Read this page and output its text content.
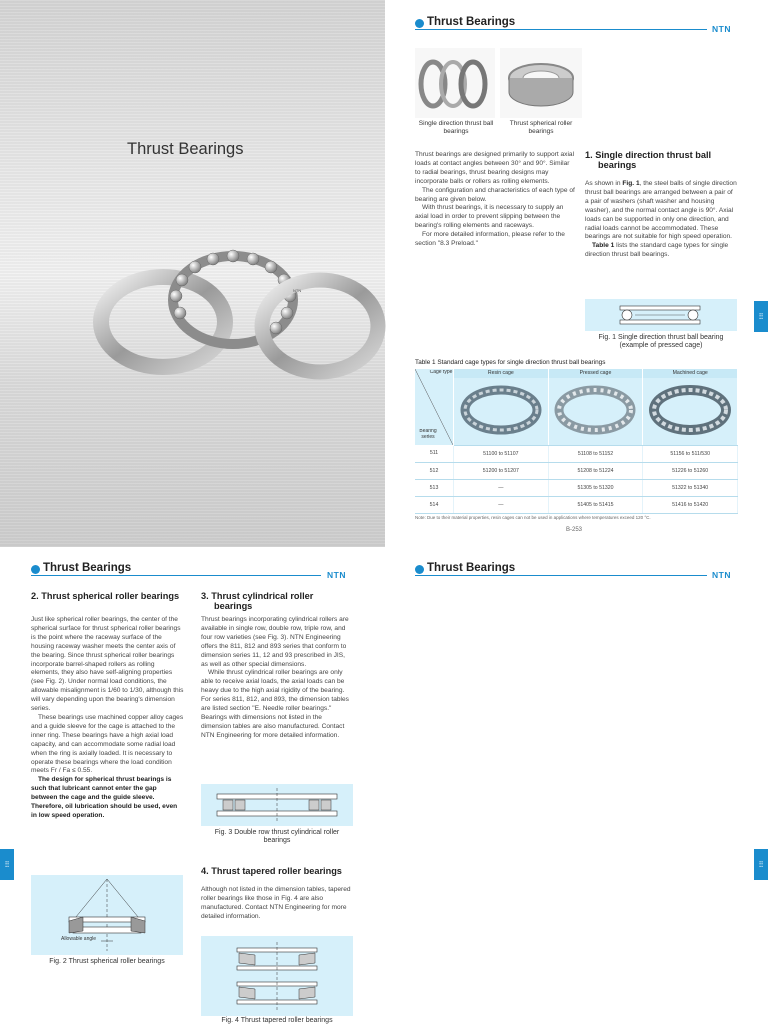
Thrust Bearings
NTN
Thrust Bearings
NTN
Single direction thrust ball bearings
Thrust spherical roller bearings

Thrust bearings are designed primarily to support axial loads at contact angles between 30° and 90°. Similar to radial bearings, thrust bearing designs may incorporate balls or rollers as rolling elements.

The configuration and characteristics of each type of bearing are given below.

With thrust bearings, it is necessary to supply an axial load in order to prevent slipping between the bearing's rolling elements and raceways.

For more detailed information, please refer to the section "8.3 Preload."

1. Single direction thrust ball bearings

As shown in Fig. 1, the steel balls of single direction thrust ball bearings are arranged between a pair of a pair of washers (shaft washer and housing washer), and the normal contact angle is 90°. Axial loads can be supported in only one direction, and radial loads cannot be accommodated. These bearings are not suitable for high speed operation.

Table 1 lists the standard cage types for single direction thrust ball bearings.

Fig. 1 Single direction thrust ball bearing (example of pressed cage)
Table 1 Standard cage types for single direction thrust ball bearings
Cage type
Bearing series	Resin cage	Pressed cage	Machined cage

511	51100 to 51107	51108 to 51152	51156 to 511/530
512	51200 to 51207	51208 to 51224	51226 to 51260
513	—	51305 to 51320	51322 to 51340
514	—	51405 to 51415	51416 to 51420
Note: Due to their material properties, resin cages can not be used in applications where temperatures exceed 120 °C.
B-253
⫶⫶
Thrust Bearings
NTN
2. Thrust spherical roller bearings

Just like spherical roller bearings, the center of the spherical surface for thrust spherical roller bearings is the point where the raceway surface of the housing raceway washer meets the center axis of the bearing. Since thrust spherical roller bearings incorporate barrel-shaped rollers as rolling elements, they also have self-aligning properties (see Fig. 2). Under normal load conditions, the allowable misalignment is 1/60 to 1/30, although this will vary depending upon the bearing's dimension series.

These bearings use machined copper alloy cages and a guide sleeve for the cage is attached to the inner ring. These bearings have a high axial load capacity, and can accommodate some radial load when the ring is axially loaded. It is necessary to operate these bearings where the load condition meets Fr / Fa ≤ 0.55.

The design for spherical thrust bearings is such that lubricant cannot enter the gap between the cage and the guide sleeve. Therefore, oil lubrication should be used, even in low speed operation.

Allowable angle
Fig. 2 Thrust spherical roller bearings
3. Thrust cylindrical roller bearings

Thrust bearings incorporating cylindrical rollers are available in single row, double row, triple row, and four row varieties (see Fig. 3). NTN Engineering offers the 811, 812 and 893 series that conform to dimension series 11, 12 and 93 prescribed in JIS, as well as other special dimensions.

While thrust cylindrical roller bearings are only able to receive axial loads, the axial loads can be heavy due to the high axial rigidity of the bearing. For series 811, 812, and 893, the dimension tables are listed section "E. Needle roller bearings." Bearings with dimensions not listed in the dimension tables are also manufactured. Contact NTN Engineering for more detailed information.

Fig. 3 Double row thrust cylindrical roller bearings
4. Thrust tapered roller bearings
Although not listed in the dimension tables, tapered roller bearings like those in Fig. 4 are also manufactured. Contact NTN Engineering for more detailed information.
Fig. 4 Thrust tapered roller bearings
⫶⫶
Thrust Bearings
NTN
⫶⫶
